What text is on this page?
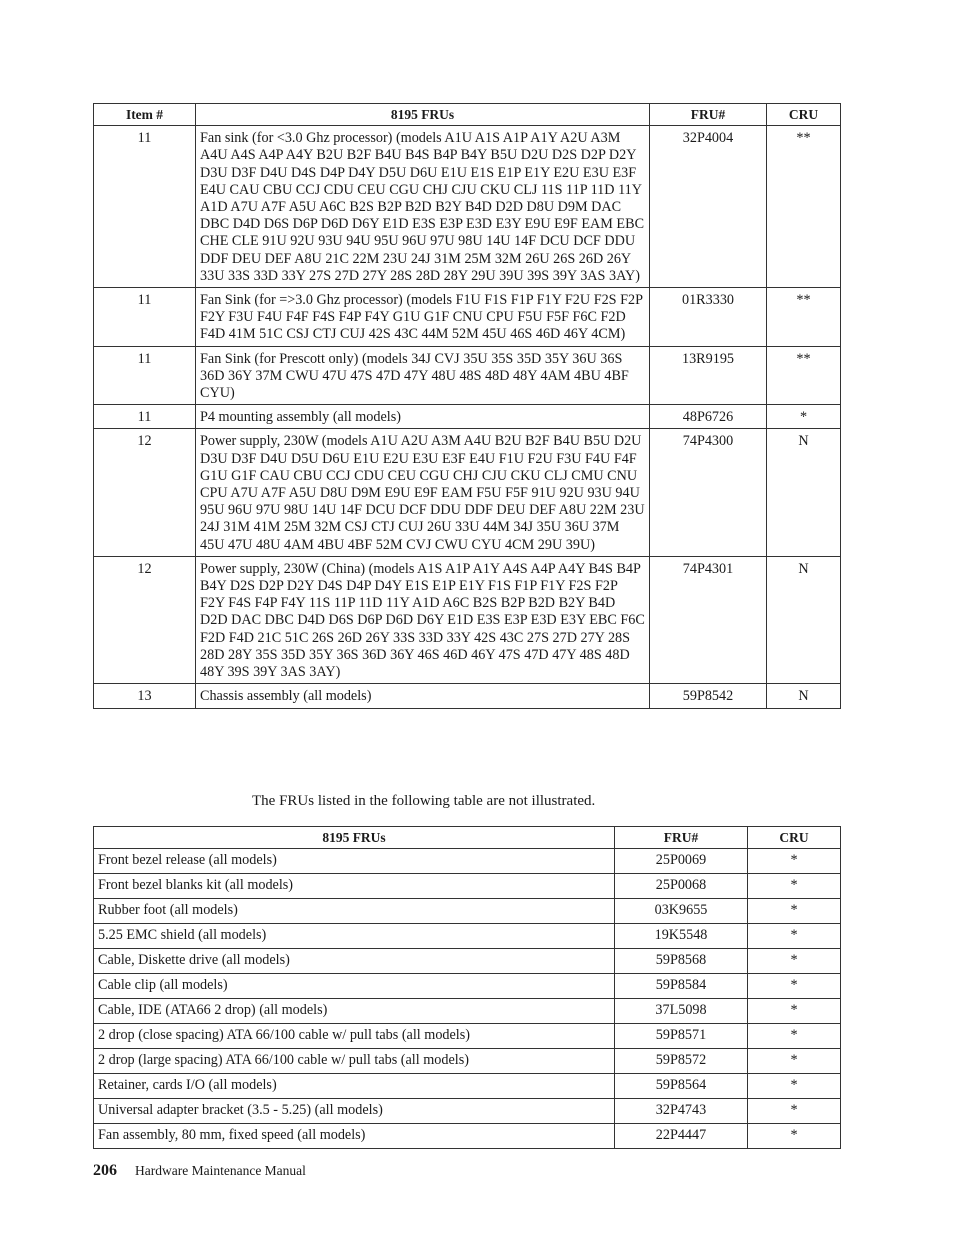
Item #	8195 FRUs	FRU#	CRU
11	Fan sink (for <3.0 Ghz processor) (models A1U A1S A1P A1Y A2U A3M A4U A4S A4P A4Y B2U B2F B4U B4S B4P B4Y B5U D2U D2S D2P D2Y D3U D3F D4U D4S D4P D4Y D5U D6U E1U E1S E1P E1Y E2U E3U E3F E4U CAU CBU CCJ CDU CEU CGU CHJ CJU CKU CLJ 11S 11P 11D 11Y A1D A7U A7F A5U A6C B2S B2P B2D B2Y B4D D2D D8U D9M DAC DBC D4D D6S D6P D6D D6Y E1D E3S E3P E3D E3Y E9U E9F EAM EBC CHE CLE 91U 92U 93U 94U 95U 96U 97U 98U 14U 14F DCU DCF DDU DDF DEU DEF A8U 21C 22M 23U 24J 31M 25M 32M 26U 26S 26D 26Y 33U 33S 33D 33Y 27S 27D 27Y 28S 28D 28Y 29U 39U 39S 39Y 3AS 3AY)	32P4004	**
11	Fan Sink (for =>3.0 Ghz processor) (models F1U F1S F1P F1Y F2U F2S F2P F2Y F3U F4U F4F F4S F4P F4Y G1U G1F CNU CPU F5U F5F F6C F2D F4D 41M 51C CSJ CTJ CUJ 42S 43C 44M 52M 45U 46S 46D 46Y 4CM)	01R3330	**
11	Fan Sink (for Prescott only) (models 34J CVJ 35U 35S 35D 35Y 36U 36S 36D 36Y 37M CWU 47U 47S 47D 47Y 48U 48S 48D 48Y 4AM 4BU 4BF CYU)	13R9195	**
11	P4 mounting assembly (all models)	48P6726	*
12	Power supply, 230W (models A1U A2U A3M A4U B2U B2F B4U B5U D2U D3U D3F D4U D5U D6U E1U E2U E3U E3F E4U F1U F2U F3U F4U F4F G1U G1F CAU CBU CCJ CDU CEU CGU CHJ CJU CKU CLJ CMU CNU CPU A7U A7F A5U D8U D9M E9U E9F EAM F5U F5F 91U 92U 93U 94U 95U 96U 97U 98U 14U 14F DCU DCF DDU DDF DEU DEF A8U 22M 23U 24J 31M 41M 25M 32M CSJ CTJ CUJ 26U 33U 44M 34J 35U 36U 37M 45U 47U 48U 4AM 4BU 4BF 52M CVJ CWU CYU 4CM 29U 39U)	74P4300	N
12	Power supply, 230W (China) (models A1S A1P A1Y A4S A4P A4Y B4S B4P B4Y D2S D2P D2Y D4S D4P D4Y E1S E1P E1Y F1S F1P F1Y F2S F2P F2Y F4S F4P F4Y 11S 11P 11D 11Y A1D A6C B2S B2P B2D B2Y B4D D2D DAC DBC D4D D6S D6P D6D D6Y E1D E3S E3P E3D E3Y EBC F6C F2D F4D 21C 51C 26S 26D 26Y 33S 33D 33Y 42S 43C 27S 27D 27Y 28S 28D 28Y 35S 35D 35Y 36S 36D 36Y 46S 46D 46Y 47S 47D 47Y 48S 48D 48Y 39S 39Y 3AS 3AY)	74P4301	N
13	Chassis assembly (all models)	59P8542	N
The FRUs listed in the following table are not illustrated.
8195 FRUs	FRU#	CRU
Front bezel release (all models)	25P0069	*
Front bezel blanks kit (all models)	25P0068	*
Rubber foot (all models)	03K9655	*
5.25 EMC shield (all models)	19K5548	*
Cable, Diskette drive (all models)	59P8568	*
Cable clip (all models)	59P8584	*
Cable, IDE (ATA66 2 drop) (all models)	37L5098	*
2 drop (close spacing) ATA 66/100 cable w/ pull tabs (all models)	59P8571	*
2 drop (large spacing) ATA 66/100 cable w/ pull tabs (all models)	59P8572	*
Retainer, cards I/O (all models)	59P8564	*
Universal adapter bracket (3.5 - 5.25) (all models)	32P4743	*
Fan assembly, 80 mm, fixed speed (all models)	22P4447	*
206 Hardware Maintenance Manual
